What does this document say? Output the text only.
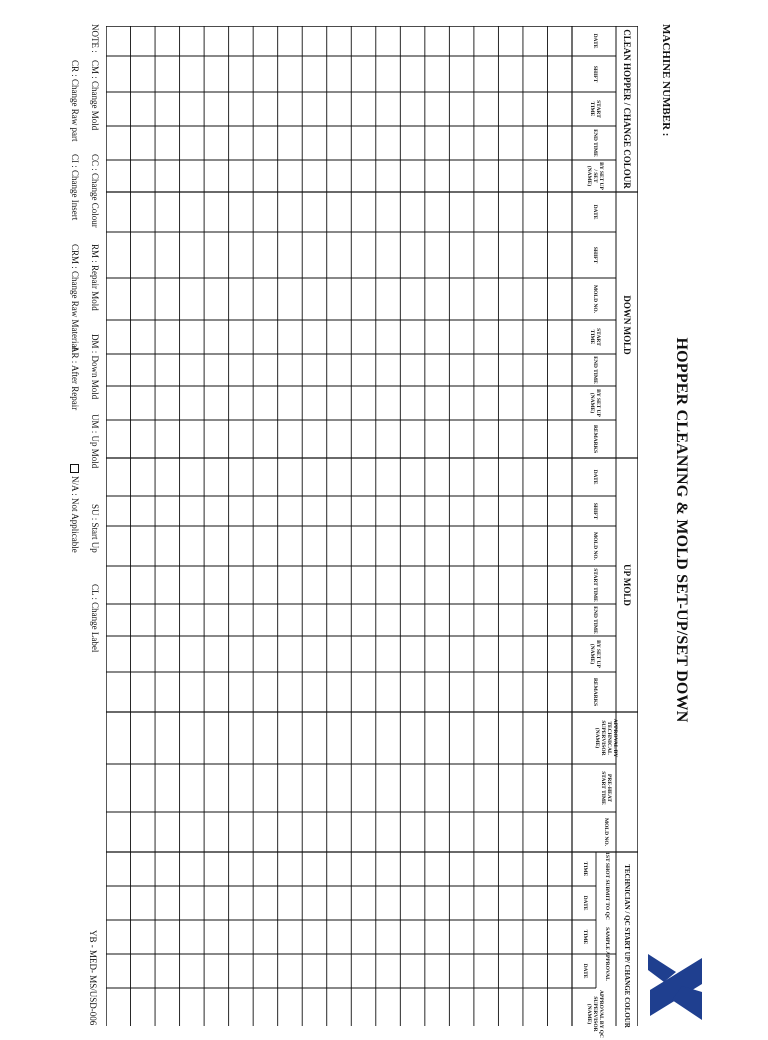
HOPPER CLEANING & MOLD SET-UP/SET DOWN
MACHINE NUMBER :
CLEAN HOPPER / CHANGE COLOUR
DOWN MOLD
UP MOLD
TECHNICIAN / QC START UP/ CHANGE COLOUR
1ST SHOT SUBMIT TO QC
SAMPLE APPROVAL
DATE
SHIFT
START TIME
END TIME
BY SET UP / SET (NAME)
DATE
SHIFT
MOLD NO.
START TIME
END TIME
BY SET UP (NAME)
REMARKS
DATE
SHIFT
MOLD NO.
START TIME
END TIME
BY SET UP (NAME)
REMARKS
APPROVAL BY TECHNICAL SUPERVISOR (NAME)
PRE-HEAT START TIME
MOLD NO.
TIME
DATE
TIME
DATE
APPROVAL BY QC SUPERVISOR (NAME)
NOTE :
CM : Change Mold
CC : Change Colour
RM : Repair Mold
DM : Down Mold
UM : Up Mold
SU : Start Up
CL : Change Label
CR : Change Raw part
CI : Change Insert
CRM : Change Raw Material
AR : After Repair
N/A : Not Applicable
YB - MED- MS/USD-006
